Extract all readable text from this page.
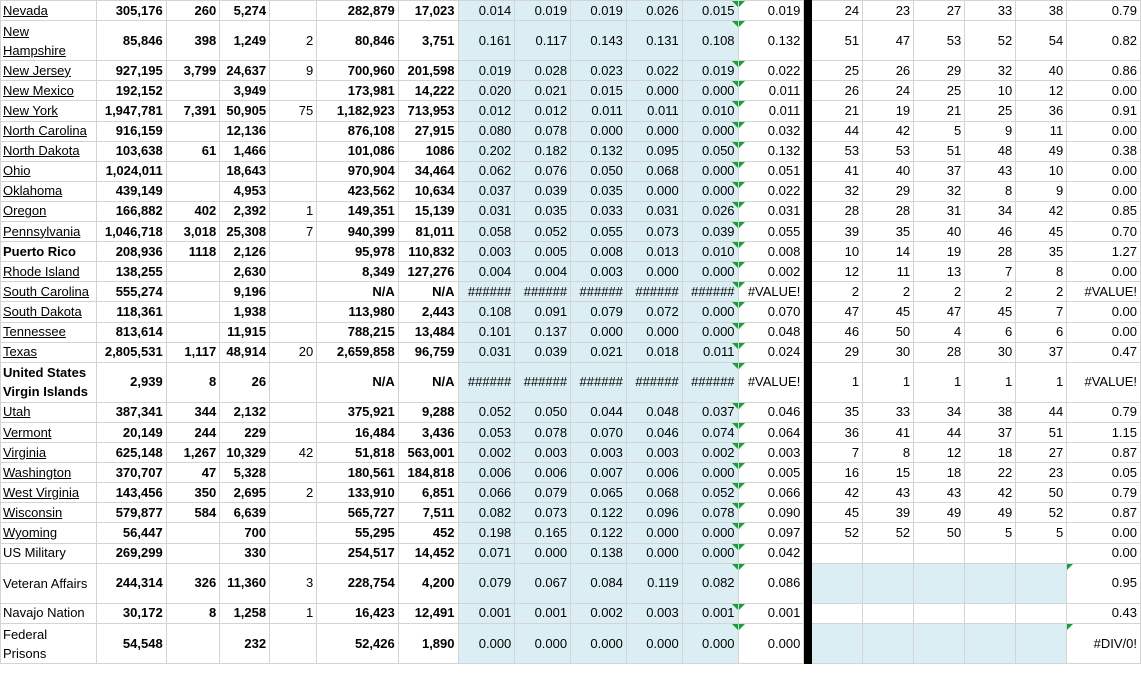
Nevada	305,176	260	5,274		282,879	17,023	0.014	0.019	0.019	0.026	0.015	0.019		24	23	27	33	38	0.79
New Hampshire	85,846	398	1,249	2	80,846	3,751	0.161	0.117	0.143	0.131	0.108	0.132		51	47	53	52	54	0.82
New Jersey	927,195	3,799	24,637	9	700,960	201,598	0.019	0.028	0.023	0.022	0.019	0.022		25	26	29	32	40	0.86
New Mexico	192,152		3,949		173,981	14,222	0.020	0.021	0.015	0.000	0.000	0.011		26	24	25	10	12	0.00
New York	1,947,781	7,391	50,905	75	1,182,923	713,953	0.012	0.012	0.011	0.011	0.010	0.011		21	19	21	25	36	0.91
North Carolina	916,159		12,136		876,108	27,915	0.080	0.078	0.000	0.000	0.000	0.032		44	42	5	9	11	0.00
North Dakota	103,638	61	1,466		101,086	1086	0.202	0.182	0.132	0.095	0.050	0.132		53	53	51	48	49	0.38
Ohio	1,024,011		18,643		970,904	34,464	0.062	0.076	0.050	0.068	0.000	0.051		41	40	37	43	10	0.00
Oklahoma	439,149		4,953		423,562	10,634	0.037	0.039	0.035	0.000	0.000	0.022		32	29	32	8	9	0.00
Oregon	166,882	402	2,392	1	149,351	15,139	0.031	0.035	0.033	0.031	0.026	0.031		28	28	31	34	42	0.85
Pennsylvania	1,046,718	3,018	25,308	7	940,399	81,011	0.058	0.052	0.055	0.073	0.039	0.055		39	35	40	46	45	0.70
Puerto Rico	208,936	1118	2,126		95,978	110,832	0.003	0.005	0.008	0.013	0.010	0.008		10	14	19	28	35	1.27
Rhode Island	138,255		2,630		8,349	127,276	0.004	0.004	0.003	0.000	0.000	0.002		12	11	13	7	8	0.00
South Carolina	555,274		9,196		N/A	N/A	######	######	######	######	######	#VALUE!		2	2	2	2	2	#VALUE!
South Dakota	118,361		1,938		113,980	2,443	0.108	0.091	0.079	0.072	0.000	0.070		47	45	47	45	7	0.00
Tennessee	813,614		11,915		788,215	13,484	0.101	0.137	0.000	0.000	0.000	0.048		46	50	4	6	6	0.00
Texas	2,805,531	1,117	48,914	20	2,659,858	96,759	0.031	0.039	0.021	0.018	0.011	0.024		29	30	28	30	37	0.47
United States Virgin Islands	2,939	8	26		N/A	N/A	######	######	######	######	######	#VALUE!		1	1	1	1	1	#VALUE!
Utah	387,341	344	2,132		375,921	9,288	0.052	0.050	0.044	0.048	0.037	0.046		35	33	34	38	44	0.79
Vermont	20,149	244	229		16,484	3,436	0.053	0.078	0.070	0.046	0.074	0.064		36	41	44	37	51	1.15
Virginia	625,148	1,267	10,329	42	51,818	563,001	0.002	0.003	0.003	0.003	0.002	0.003		7	8	12	18	27	0.87
Washington	370,707	47	5,328		180,561	184,818	0.006	0.006	0.007	0.006	0.000	0.005		16	15	18	22	23	0.05
West Virginia	143,456	350	2,695	2	133,910	6,851	0.066	0.079	0.065	0.068	0.052	0.066		42	43	43	42	50	0.79
Wisconsin	579,877	584	6,639		565,727	7,511	0.082	0.073	0.122	0.096	0.078	0.090		45	39	49	49	52	0.87
Wyoming	56,447		700		55,295	452	0.198	0.165	0.122	0.000	0.000	0.097		52	52	50	5	5	0.00
US Military	269,299		330		254,517	14,452	0.071	0.000	0.138	0.000	0.000	0.042							0.00
Veteran Affairs	244,314	326	11,360	3	228,754	4,200	0.079	0.067	0.084	0.119	0.082	0.086							0.95
Navajo Nation	30,172	8	1,258	1	16,423	12,491	0.001	0.001	0.002	0.003	0.001	0.001							0.43
Federal Prisons	54,548		232		52,426	1,890	0.000	0.000	0.000	0.000	0.000	0.000							#DIV/0!
